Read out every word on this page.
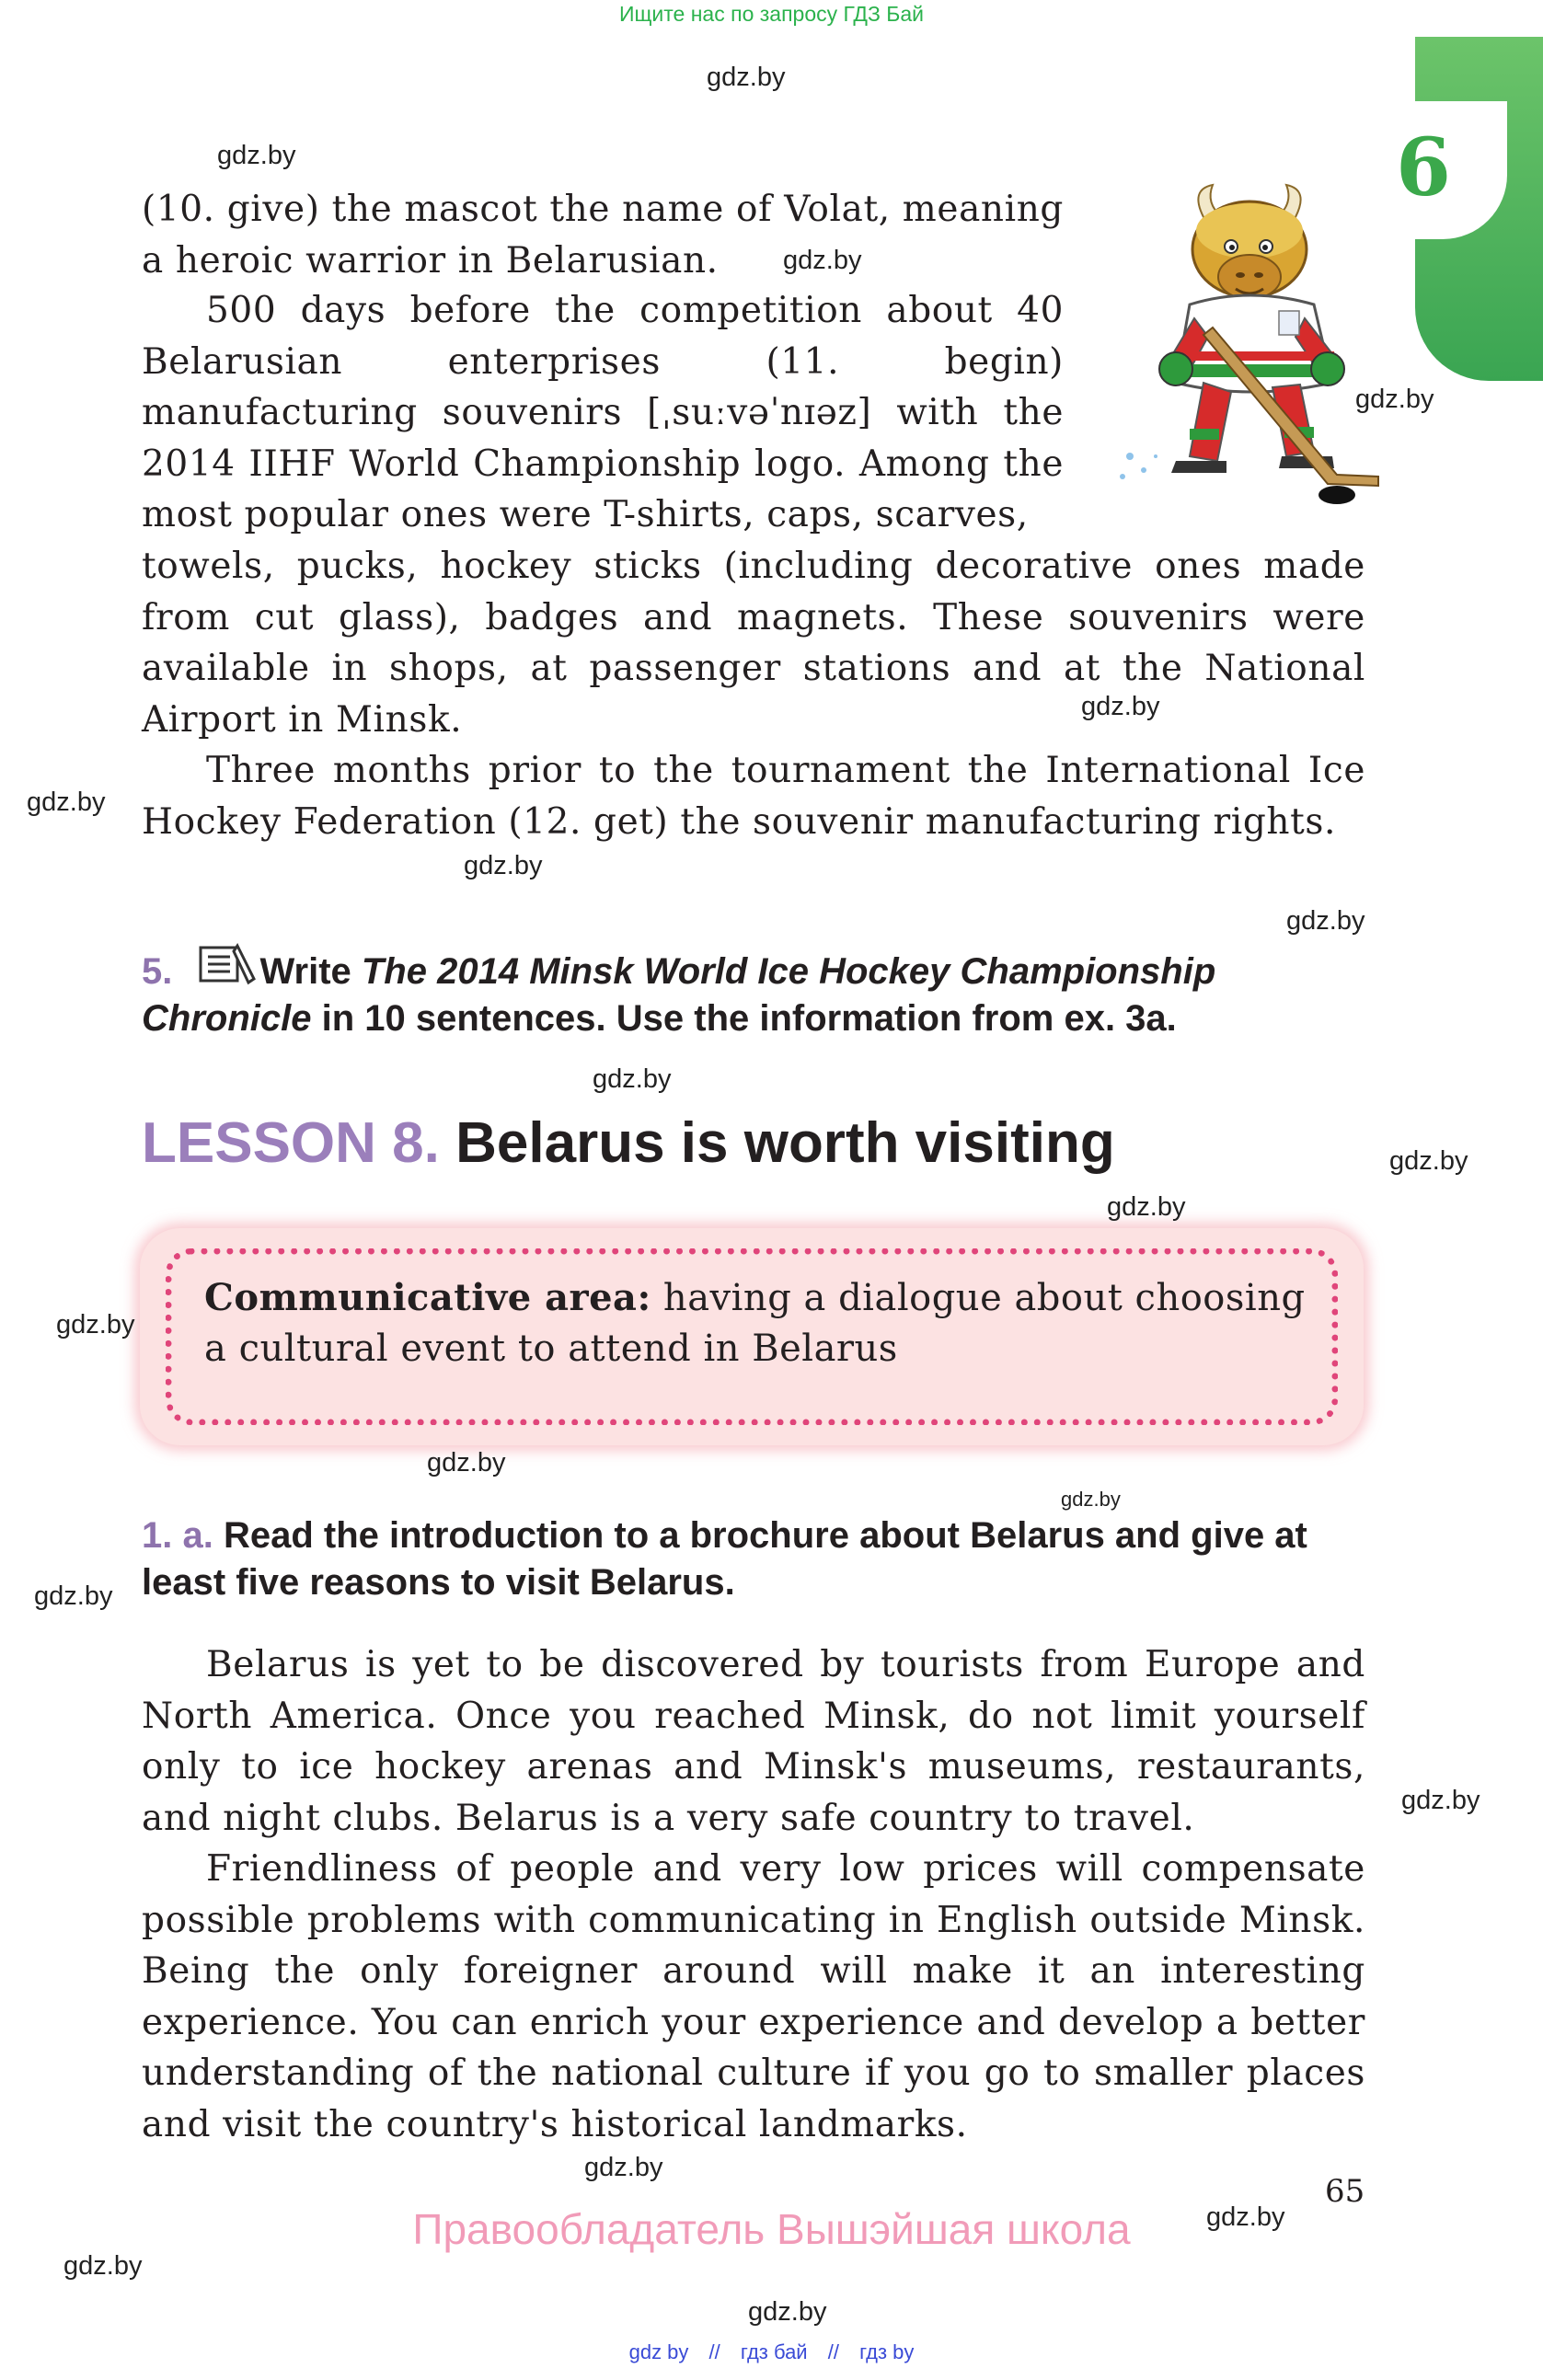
Ищите нас по запросу ГДЗ Бай
6

(10. give) the mascot the name of Volat, meaning a heroic warrior in Belarusian.

500 days before the competition about 40 Belarusian enterprises (11. begin) manufacturing souvenirs [ˌsuːvəˈnɪəz] with the 2014 IIHF World Championship logo. Among the most popular ones were T-shirts, caps, scarves,

towels, pucks, hockey sticks (including decorative ones made from cut glass), badges and magnets. These souvenirs were available in shops, at passenger stations and at the National Airport in Minsk.

Three months prior to the tournament the International Ice Hockey Federation (12. get) the souvenir manufacturing rights.

5. Write The 2014 Minsk World Ice Hockey Championship Chronicle in 10 sentences. Use the information from ex. 3a.

LESSON 8. Belarus is worth visiting
Communicative area: having a dialogue about choosing a cultural event to attend in Belarus

1. a. Read the introduction to a brochure about Belarus and give at least five reasons to visit Belarus.

Belarus is yet to be discovered by tourists from Europe and North America. Once you reached Minsk, do not limit yourself only to ice hockey arenas and Minsk's museums, restaurants, and night clubs. Belarus is a very safe country to travel.

Friendliness of people and very low prices will compensate possible problems with communicating in English outside Minsk. Being the only foreigner around will make it an interesting experience. You can enrich your experience and develop a better understanding of the national culture if you go to smaller places and visit the country's historical landmarks.

65
Правообладатель Вышэйшая школа
gdz by // гдз бай // гдз by
gdz.by
gdz.by
gdz.by
gdz.by
gdz.by
gdz.by
gdz.by
gdz.by
gdz.by
gdz.by
gdz.by
gdz.by
gdz.by
gdz.by
gdz.by
gdz.by
gdz.by
gdz.by
gdz.by
gdz.by
